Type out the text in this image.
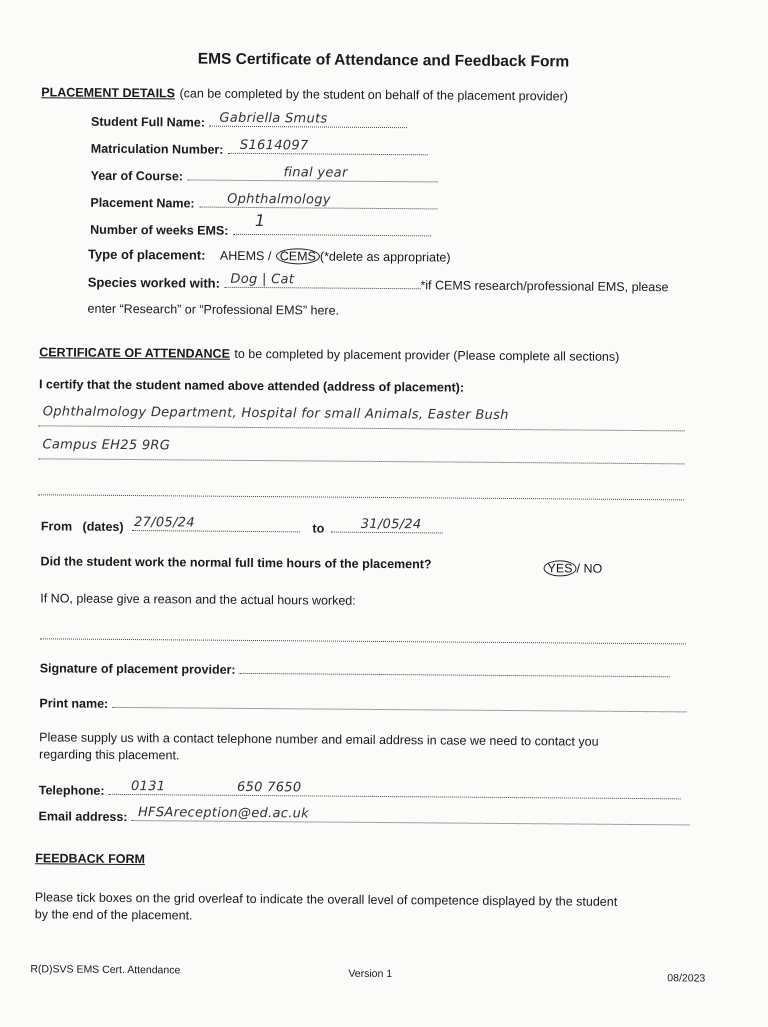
EMS Certificate of Attendance and Feedback Form
PLACEMENT DETAILS (can be completed by the student on behalf of the placement provider)
Student Full Name: Gabriella Smuts
Matriculation Number: S1614097
Year of Course:	final year
Placement Name: Ophthalmology
Number of weeks EMS:
1
Type of placement: AHEMS / CEMS (*delete as appropriate)
Species worked with: Dog | Cat	*if CEMS research/professional EMS, please
enter “Research” or “Professional EMS” here.
CERTIFICATE OF ATTENDANCE to be completed by placement provider (Please complete all sections)
I certify that the student named above attended (address of placement):
Ophthalmology Department, Hospital for small Animals, Easter Bush
Campus EH25 9RG
From (dates) 27/05/24	to	31/05/24
Did the student work the normal full time hours of the placement?	YES / NO
If NO, please give a reason and the actual hours worked:
Signature of placement provider:
Print name:
Please supply us with a contact telephone number and email address in case we need to contact you
regarding this placement.
Telephone: 0131	650 7650
Email address: HFSAreception@ed.ac.uk
FEEDBACK FORM
Please tick boxes on the grid overleaf to indicate the overall level of competence displayed by the student
by the end of the placement.
R(D)SVS EMS Cert. Attendance	Version 1	08/2023
